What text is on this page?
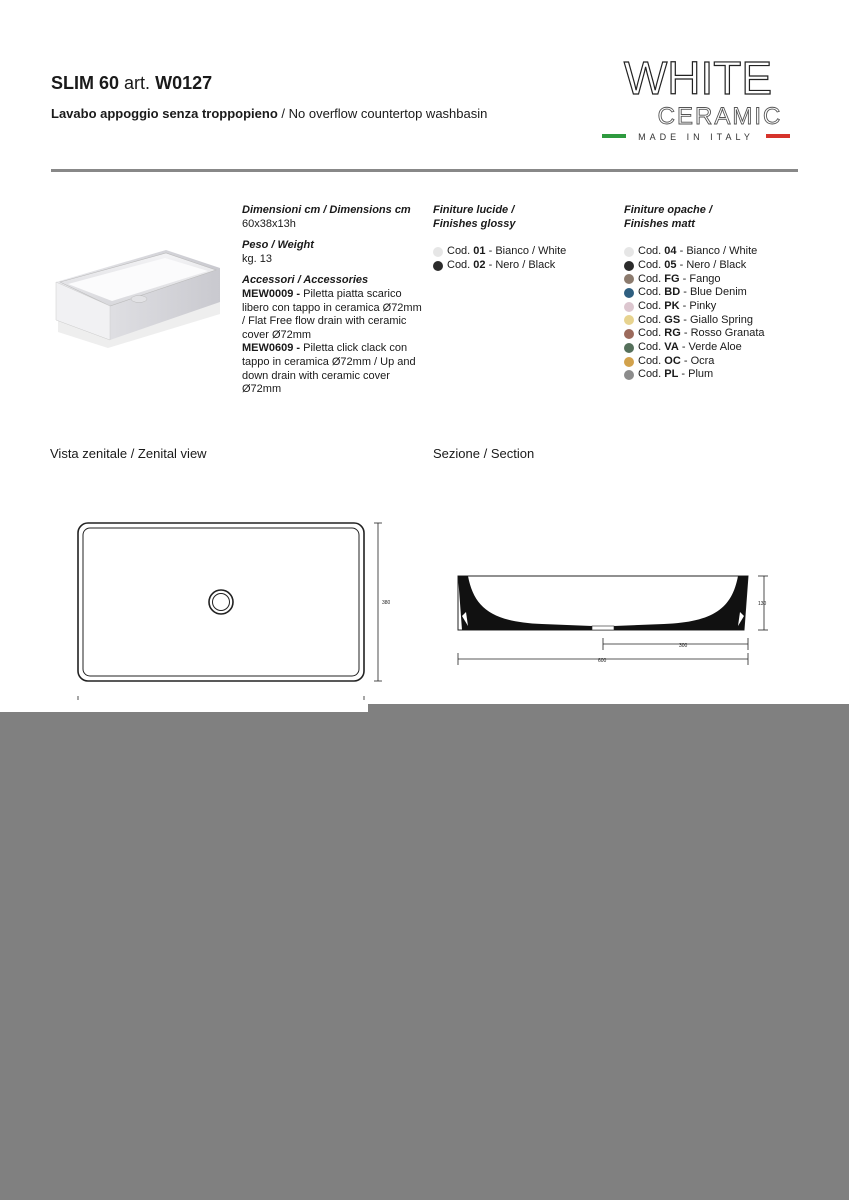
SLIM 60 art. W0127
Lavabo appoggio senza troppopieno / No overflow countertop washbasin
WHITE
CERAMIC
MADE IN ITALY
Dimensioni cm / Dimensions cm
60x38x13h
Peso / Weight
kg. 13
Accessori / Accessories
MEW0009 - Piletta piatta scarico libero con tappo in ceramica Ø72mm / Flat Free flow drain with ceramic cover Ø72mm
MEW0609 - Piletta click clack con tappo in ceramica Ø72mm / Up and down drain with ceramic cover Ø72mm
Finiture lucide /
Finishes glossy
Cod. 01 - Bianco / White
Cod. 02 - Nero / Black
Finiture opache /
Finishes matt
Cod. 04 - Bianco / White
Cod. 05 - Nero / Black
Cod. FG - Fango
Cod. BD - Blue Denim
Cod. PK - Pinky
Cod. GS - Giallo Spring
Cod. RG - Rosso Granata
Cod. VA - Verde Aloe
Cod. OC - Ocra
Cod. PL - Plum
Vista zenitale / Zenital view	Sezione / Section
380	130
300
600
